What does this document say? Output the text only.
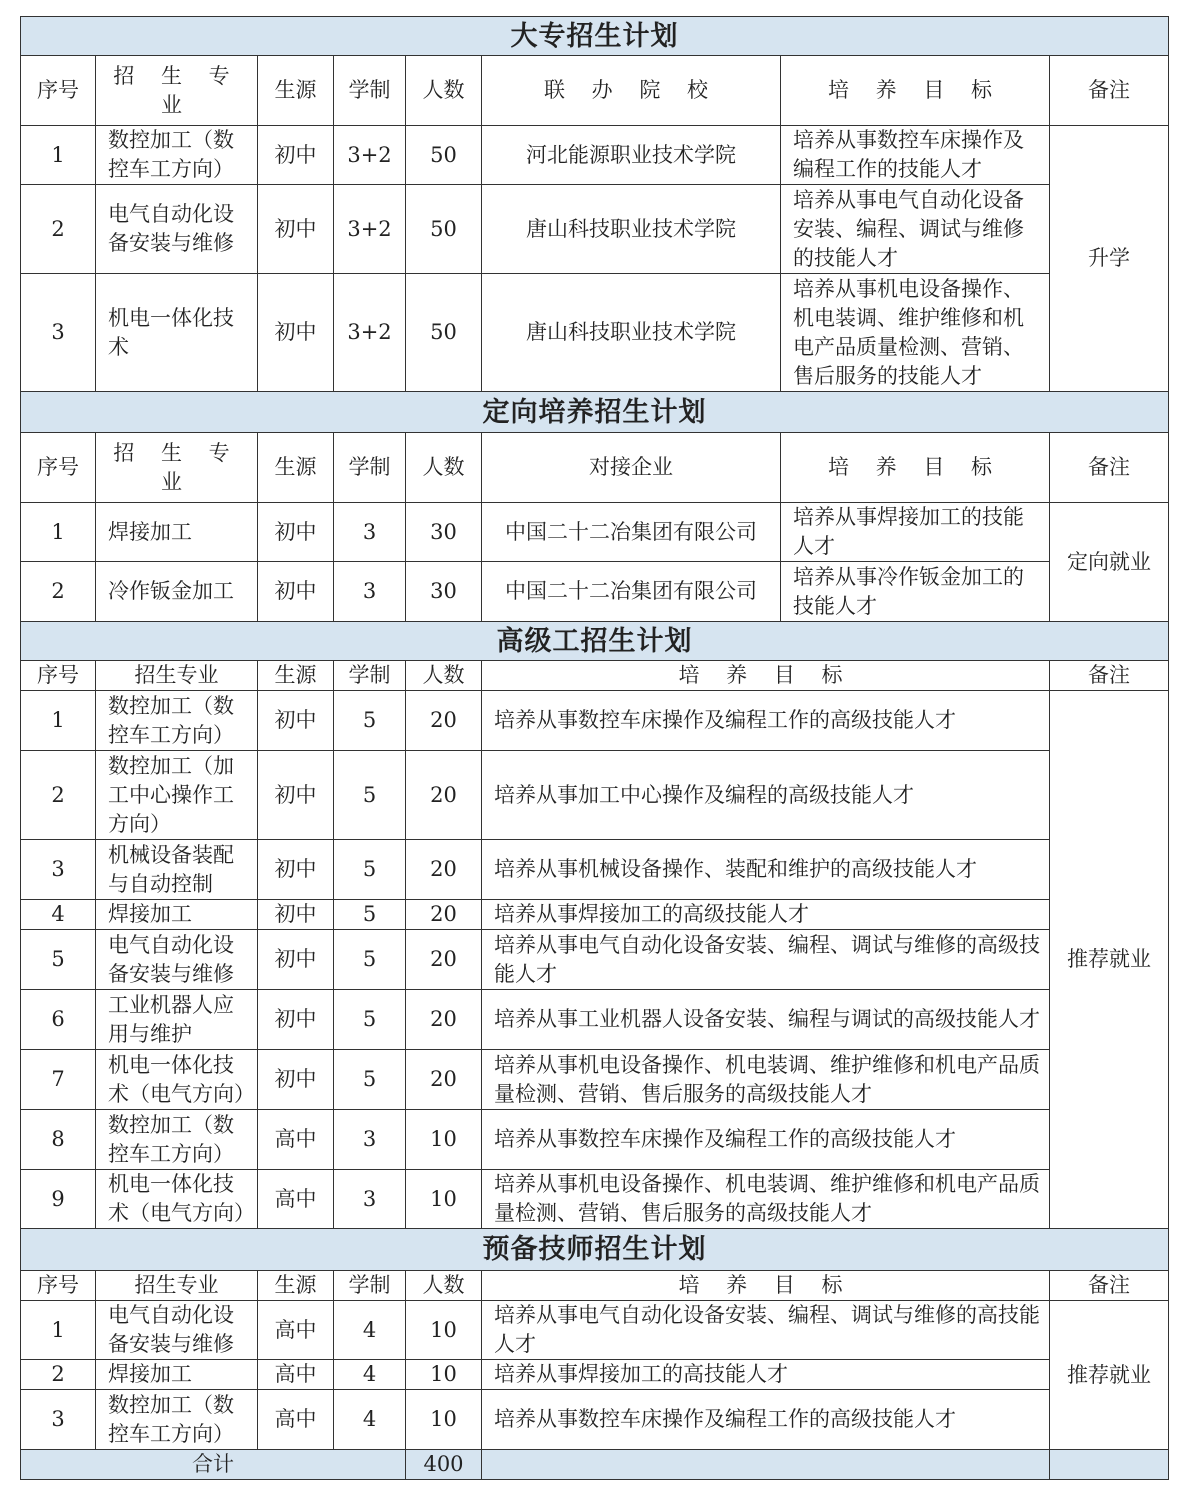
大专招生计划							
序号	招 生 专 业	生源	学制	人数	联 办 院 校	培 养 目 标	备注
1	数控加工（数控车工方向）	初中	3+2	50	河北能源职业技术学院	培养从事数控车床操作及编程工作的技能人才	升学
2	电气自动化设备安装与维修	初中	3+2	50	唐山科技职业技术学院	培养从事电气自动化设备安装、编程、调试与维修的技能人才	
3	机电一体化技术	初中	3+2	50	唐山科技职业技术学院	培养从事机电设备操作、机电装调、维护维修和机电产品质量检测、营销、售后服务的技能人才	
定向培养招生计划							
序号	招 生 专 业	生源	学制	人数	对接企业	培 养 目 标	备注
1	焊接加工	初中	3	30	中国二十二冶集团有限公司	培养从事焊接加工的技能人才	定向就业
2	冷作钣金加工	初中	3	30	中国二十二冶集团有限公司	培养从事冷作钣金加工的技能人才	
高级工招生计划							
序号	招生专业	生源	学制	人数	培 养 目 标		备注
1	数控加工（数控车工方向）	初中	5	20	培养从事数控车床操作及编程工作的高级技能人才		推荐就业
2	数控加工（加工中心操作工方向）	初中	5	20	培养从事加工中心操作及编程的高级技能人才		
3	机械设备装配与自动控制	初中	5	20	培养从事机械设备操作、装配和维护的高级技能人才		
4	焊接加工	初中	5	20	培养从事焊接加工的高级技能人才		
5	电气自动化设备安装与维修	初中	5	20	培养从事电气自动化设备安装、编程、调试与维修的高级技能人才		
6	工业机器人应用与维护	初中	5	20	培养从事工业机器人设备安装、编程与调试的高级技能人才		
7	机电一体化技术（电气方向）	初中	5	20	培养从事机电设备操作、机电装调、维护维修和机电产品质量检测、营销、售后服务的高级技能人才		
8	数控加工（数控车工方向）	高中	3	10	培养从事数控车床操作及编程工作的高级技能人才		
9	机电一体化技术（电气方向）	高中	3	10	培养从事机电设备操作、机电装调、维护维修和机电产品质量检测、营销、售后服务的高级技能人才		
预备技师招生计划							
序号	招生专业	生源	学制	人数	培 养 目 标		备注
1	电气自动化设备安装与维修	高中	4	10	培养从事电气自动化设备安装、编程、调试与维修的高技能人才		推荐就业
2	焊接加工	高中	4	10	培养从事焊接加工的高技能人才		
3	数控加工（数控车工方向）	高中	4	10	培养从事数控车床操作及编程工作的高级技能人才		
合计				400			
